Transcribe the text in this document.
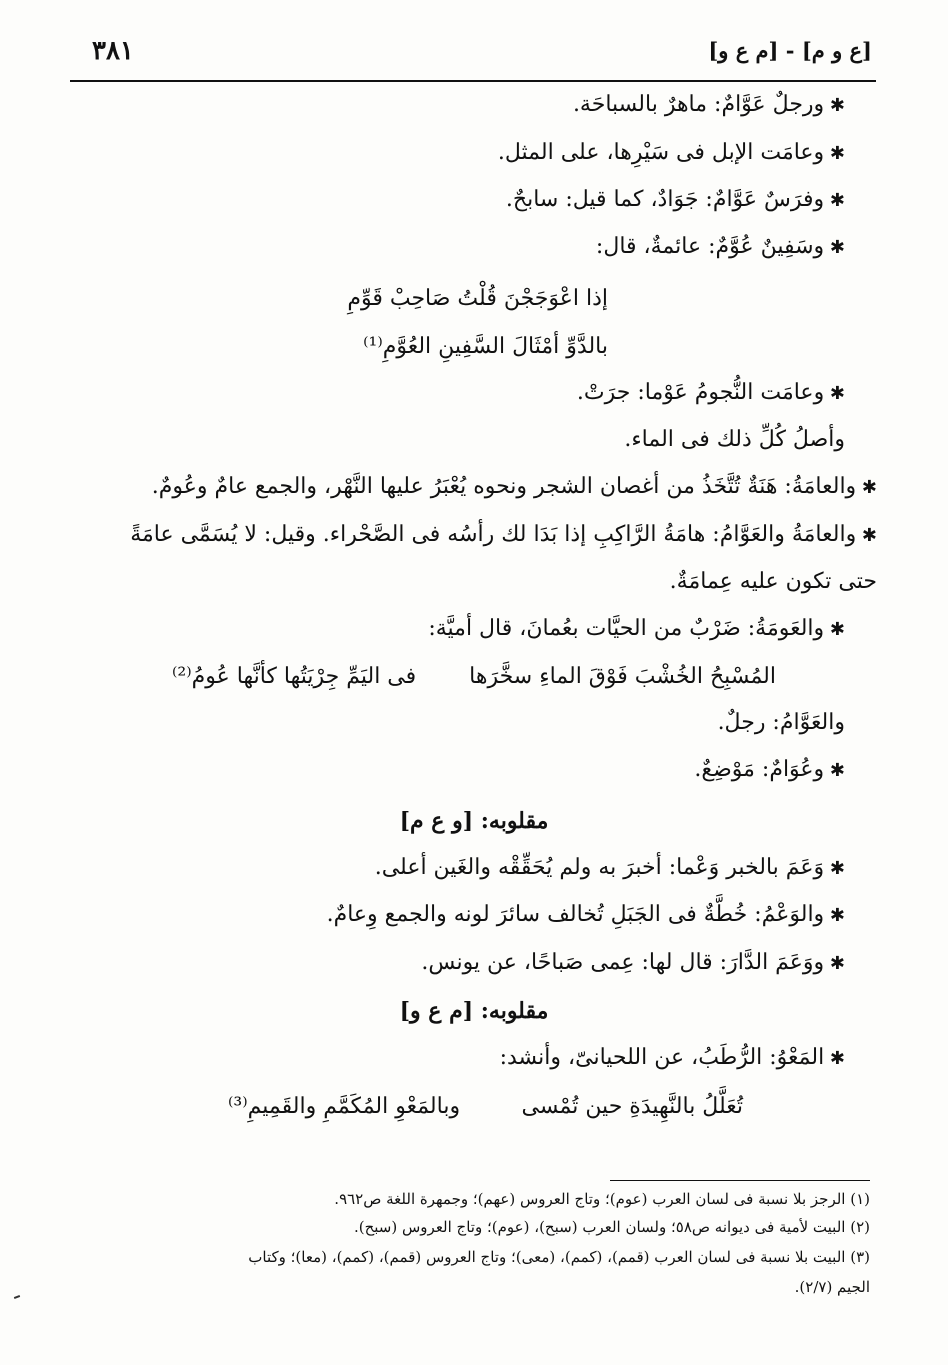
٣٨١	[ع و م] - [م ع و]
✱ ورجلٌ عَوَّامٌ: ماهرٌ بالسباحَة.
✱ وعامَت الإبل فى سَيْرِها، على المثل.
✱ وفرَسٌ عَوَّامٌ: جَوَادٌ، كما قيل: سابحٌ.
✱ وسَفِينٌ عُوَّمٌ: عائمةٌ، قال:
إذا اعْوَجَجْنَ قُلْتُ صَاحِبْ قَوِّمِ
بالدَّوِّ أمْثَالَ السَّفِينِ العُوَّمِ⁽¹⁾
✱ وعامَت النُّجومُ عَوْما: جرَتْ.
وأصلُ كُلِّ ذلك فى الماء.
✱ والعامَةُ: هَنَةٌ تُتَّخَذُ من أغصان الشجر ونحوه يُعْبَرُ عليها النَّهْر، والجمع عامٌ وعُومٌ.
✱ والعامَةُ والعَوَّامُ: هامَةُ الرَّاكِبِ إذا بَدَا لك رأسُه فى الصَّحْراء. وقيل: لا يُسَمَّى عامَةً
حتى تكون عليه عِمامَةٌ.
✱ والعَومَةُ: ضَرْبٌ من الحيَّات بعُمانَ، قال أميَّة:
المُسْبِحُ الخُشْبَ فَوْقَ الماءِ سخَّرَها
فى اليَمِّ جِرْيَتُها كأنَّها عُومُ⁽²⁾
والعَوَّامُ: رجلٌ.
✱ وعُوَامٌ: مَوْضِعٌ.
مقلوبه: [و ع م]
✱ وَعَمَ بالخبر وَعْما: أخبرَ به ولم يُحَقِّقْه والغَين أعلى.
✱ والوَعْمُ: خُطَّةٌ فى الجَبَلِ تُخالف سائرَ لونه والجمع وِعامٌ.
✱ ووَعَمَ الدَّارَ: قال لها: عِمى صَباحًا، عن يونس.
مقلوبه: [م ع و]
✱ المَعْوُ: الرُّطَبُ، عن اللحيانىّ، وأنشد:
تُعَلَّلُ بالنَّهِيدَةِ حين تُمْسى
وبالمَعْوِ المُكَمَّمِ والقَمِيمِ⁽³⁾
(١) الرجز بلا نسبة فى لسان العرب (عوم)؛ وتاج العروس (عهم)؛ وجمهرة اللغة ص٩٦٢.
(٢) البيت لأمية فى ديوانه ص٥٨؛ ولسان العرب (سبح)، (عوم)؛ وتاج العروس (سبح).
(٣) البيت بلا نسبة فى لسان العرب (قمم)، (كمم)، (معى)؛ وتاج العروس (قمم)، (كمم)، (معا)؛ وكتاب
الجيم (٢/٧).
